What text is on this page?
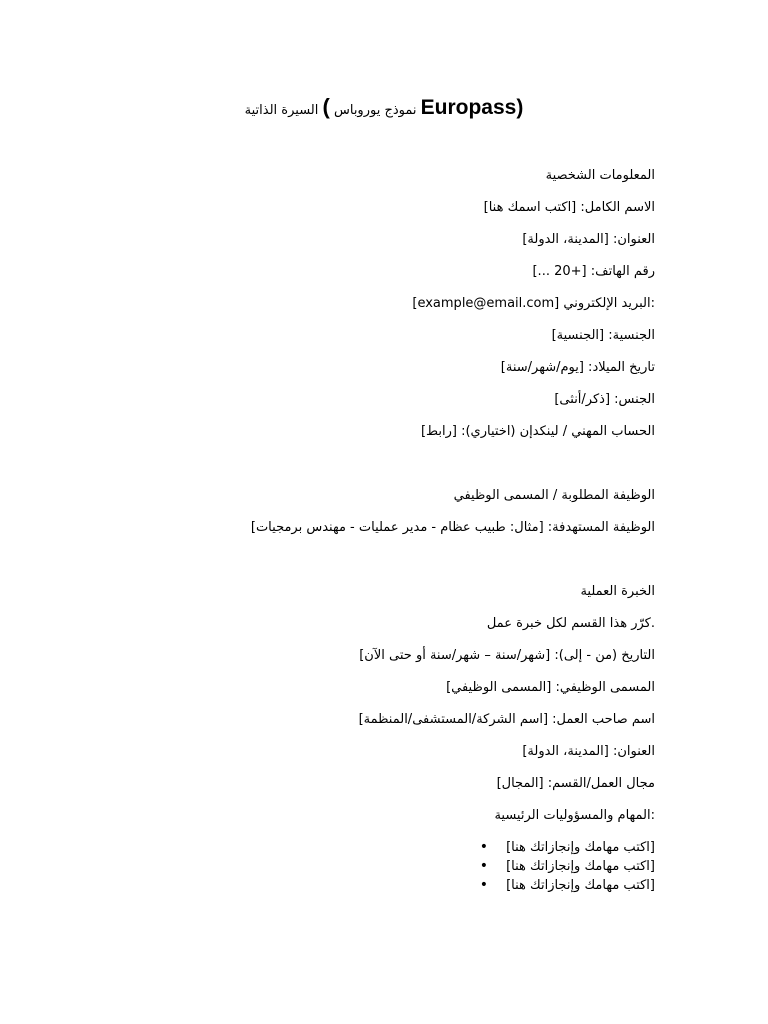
السيرة الذاتية ( نموذج يوروباس Europass)
المعلومات الشخصية
الاسم الكامل: [اكتب اسمك هنا]
العنوان: [المدينة، الدولة]
رقم الهاتف: [+20 ...]
:البريد الإلكتروني [example@email.com]
الجنسية: [الجنسية]
تاريخ الميلاد: [يوم/شهر/سنة]
الجنس: [ذكر/أنثى]
الحساب المهني / لينكدإن (اختياري): [رابط]
الوظيفة المطلوبة / المسمى الوظيفي
الوظيفة المستهدفة: [مثال: طبيب عظام - مدير عمليات - مهندس برمجيات]
الخبرة العملية
.كرّر هذا القسم لكل خبرة عمل
التاريخ (من - إلى): [شهر/سنة – شهر/سنة أو حتى الآن]
المسمى الوظيفي: [المسمى الوظيفي]
اسم صاحب العمل: [اسم الشركة/المستشفى/المنظمة]
العنوان: [المدينة، الدولة]
مجال العمل/القسم: [المجال]
:المهام والمسؤوليات الرئيسية
[اكتب مهامك وإنجازاتك هنا]
•
[اكتب مهامك وإنجازاتك هنا]
•
[اكتب مهامك وإنجازاتك هنا]
•
